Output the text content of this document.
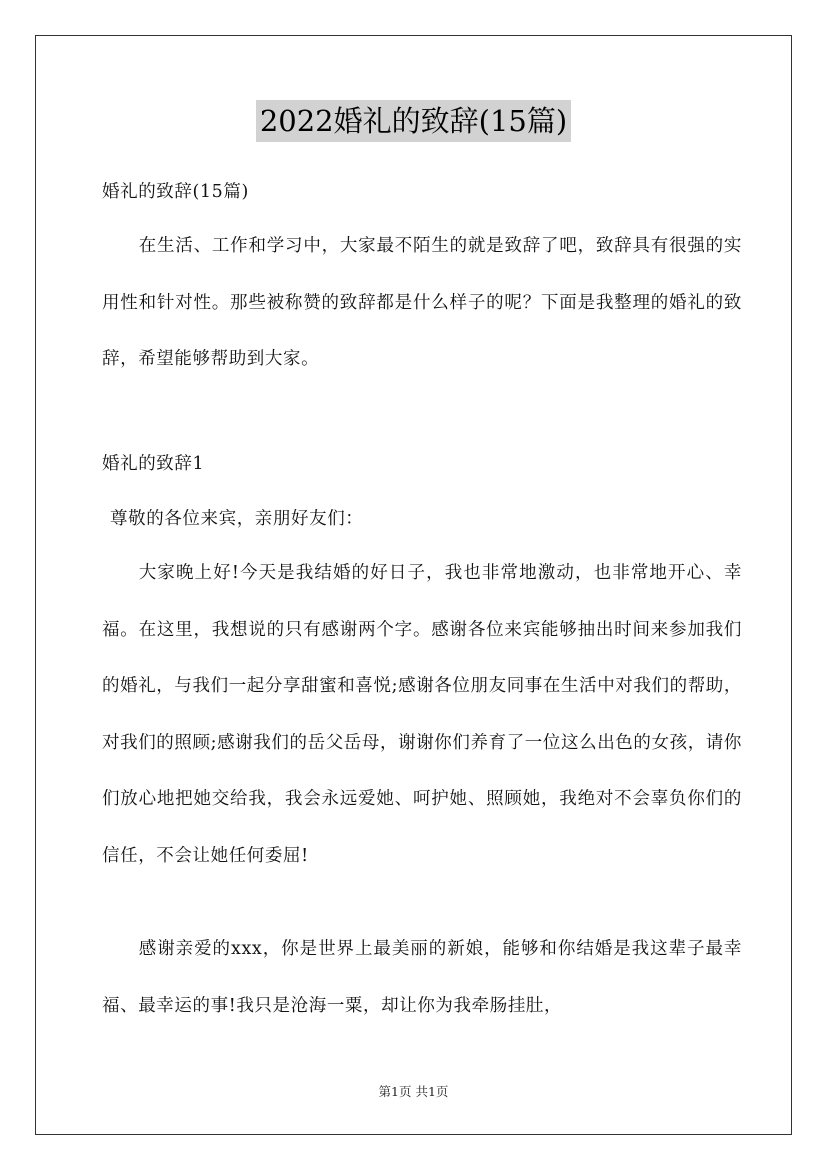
2022婚礼的致辞(15篇)
婚礼的致辞(15篇)
在生活、工作和学习中，大家最不陌生的就是致辞了吧，致辞具有很强的实用性和针对性。那些被称赞的致辞都是什么样子的呢？下面是我整理的婚礼的致辞，希望能够帮助到大家。
婚礼的致辞1
尊敬的各位来宾，亲朋好友们：
大家晚上好!今天是我结婚的好日子，我也非常地激动，也非常地开心、幸福。在这里，我想说的只有感谢两个字。感谢各位来宾能够抽出时间来参加我们的婚礼，与我们一起分享甜蜜和喜悦;感谢各位朋友同事在生活中对我们的帮助，对我们的照顾;感谢我们的岳父岳母，谢谢你们养育了一位这么出色的女孩，请你们放心地把她交给我，我会永远爱她、呵护她、照顾她，我绝对不会辜负你们的信任，不会让她任何委屈!
感谢亲爱的xxx，你是世界上最美丽的新娘，能够和你结婚是我这辈子最幸福、最幸运的事!我只是沧海一粟，却让你为我牵肠挂肚，
第1页 共1页
